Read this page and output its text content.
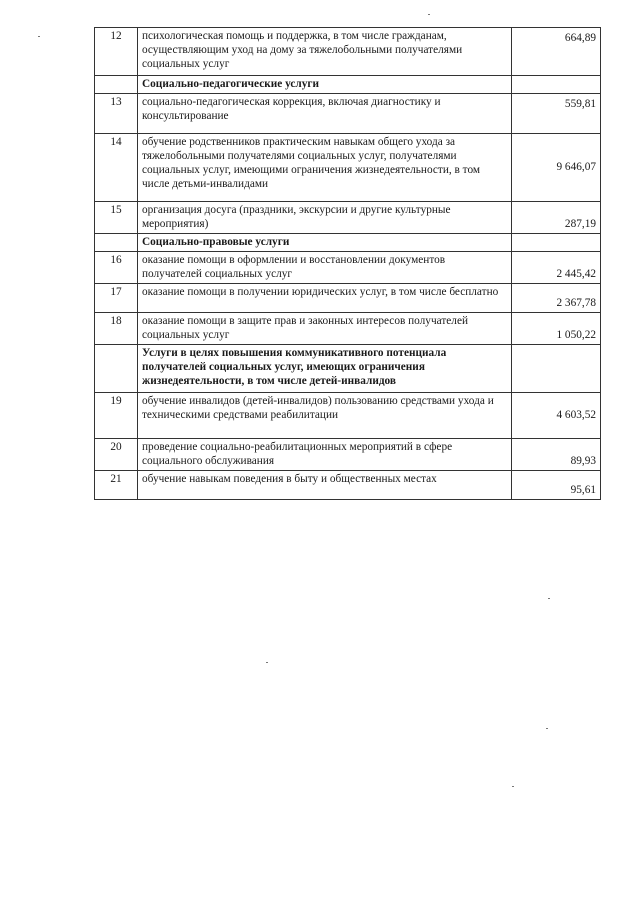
12	психологическая помощь и поддержка, в том числе гражданам, осуществляющим уход на дому за тяжелобольными получателями социальных услуг	664,89
	Социально-педагогические услуги	
13	социально-педагогическая коррекция, включая диагностику и консультирование	559,81
14	обучение родственников практическим навыкам общего ухода за тяжелобольными получателями социальных услуг, получателями социальных услуг, имеющими ограничения жизнедеятельности, в том числе детьми-инвалидами	9 646,07
15	организация досуга (праздники, экскурсии и другие культурные мероприятия)	287,19
	Социально-правовые услуги	
16	оказание помощи в оформлении и восстановлении документов получателей социальных услуг	2 445,42
17	оказание помощи в получении юридических услуг, в том числе бесплатно	2 367,78
18	оказание помощи в защите прав и законных интересов получателей социальных услуг	1 050,22
	Услуги в целях повышения коммуникативного потенциала получателей социальных услуг, имеющих ограничения жизнедеятельности, в том числе детей-инвалидов	
19	обучение инвалидов (детей-инвалидов) пользованию средствами ухода и техническими средствами реабилитации	4 603,52
20	проведение социально-реабилитационных мероприятий в сфере социального обслуживания	89,93
21	обучение навыкам поведения в быту и общественных местах	95,61
